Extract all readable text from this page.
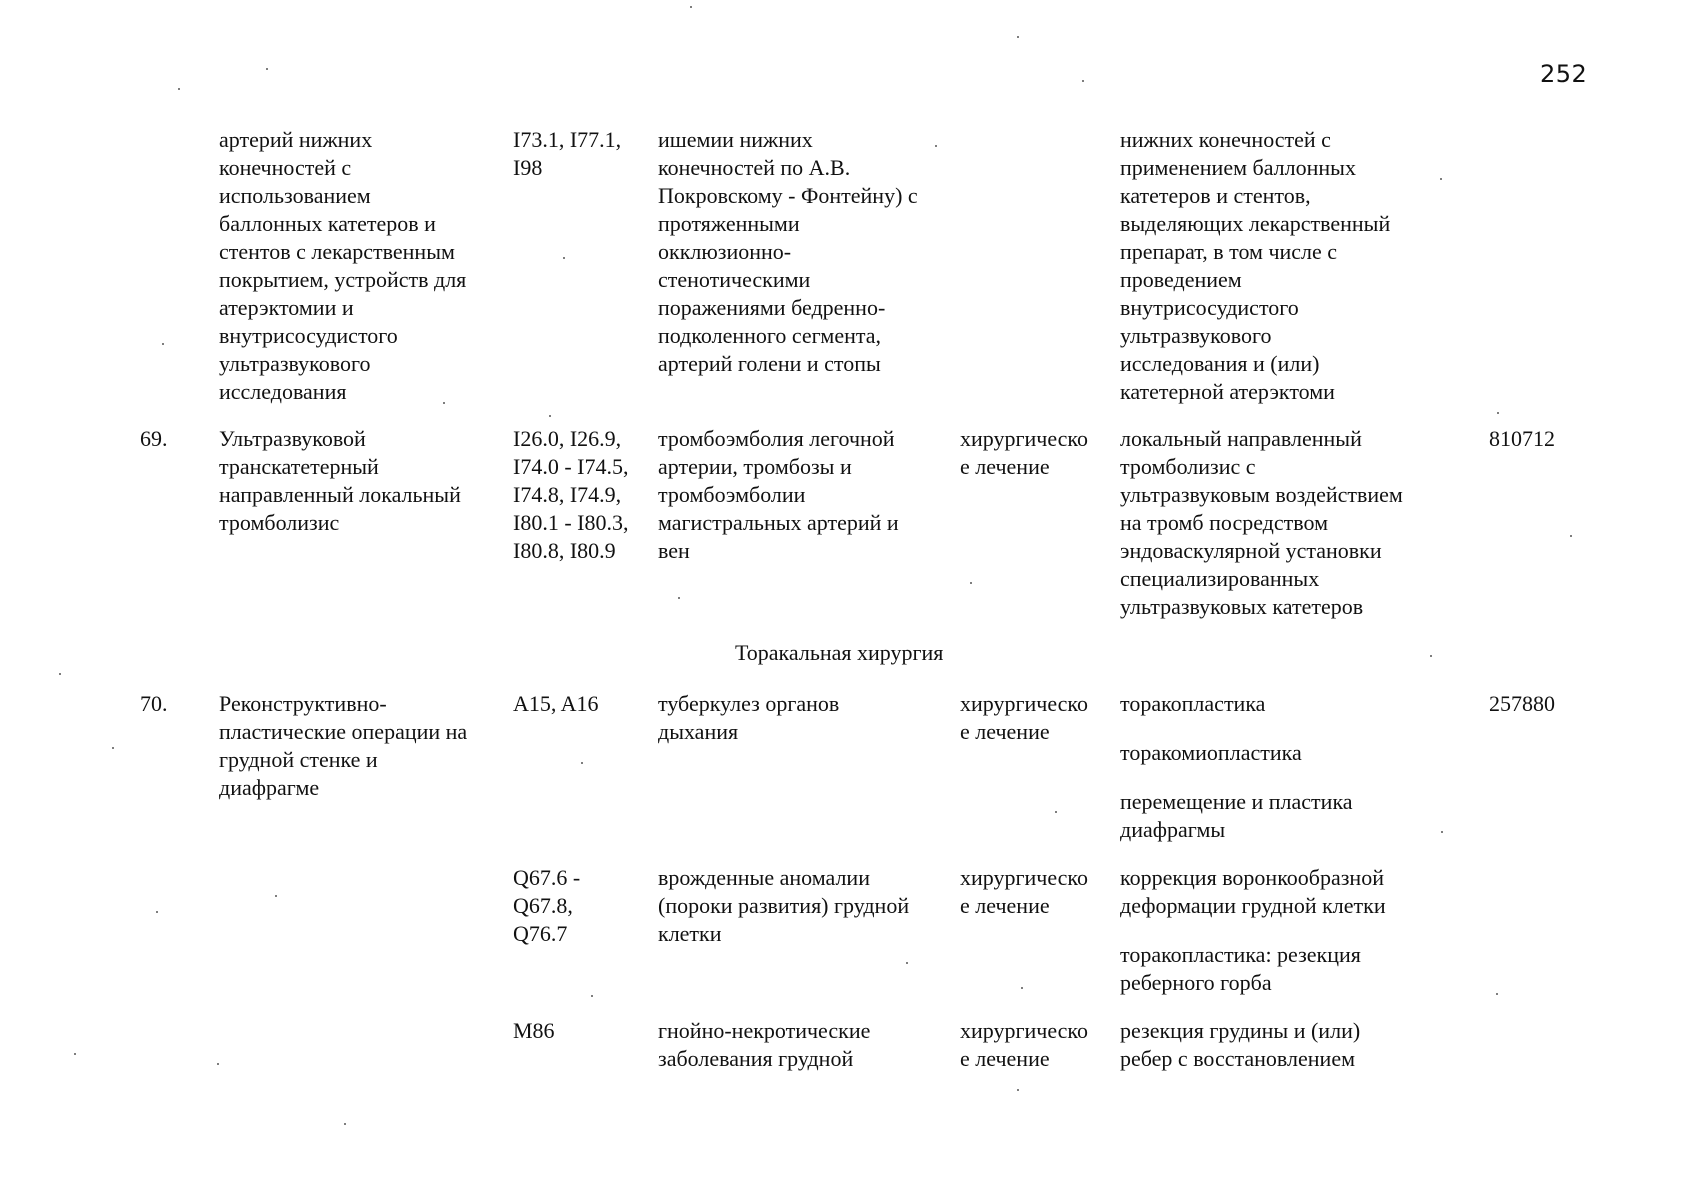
252
артерий нижних
конечностей с
использованием
баллонных катетеров и
стентов с лекарственным
покрытием, устройств для
атерэктомии и
внутрисосудистого
ультразвукового
исследования
I73.1, I77.1,
I98
ишемии нижних
конечностей по А.В.
Покровскому - Фонтейну) с
протяженными
окклюзионно-
стенотическими
поражениями бедренно-
подколенного сегмента,
артерий голени и стопы
нижних конечностей с
применением баллонных
катетеров и стентов,
выделяющих лекарственный
препарат, в том числе с
проведением
внутрисосудистого
ультразвукового
исследования и (или)
катетерной атерэктоми
69. Ультразвуковой
транскатетерный
направленный локальный
тромболизис
I26.0, I26.9,
I74.0 - I74.5,
I74.8, I74.9,
I80.1 - I80.3,
I80.8, I80.9
тромбоэмболия легочной
артерии, тромбозы и
тромбоэмболии
магистральных артерий и
вен
хирургическо
е лечение
локальный направленный
тромболизис с
ультразвуковым воздействием
на тромб посредством
эндоваскулярной установки
специализированных
ультразвуковых катетеров
810712
Торакальная хирургия
70. Реконструктивно-
пластические операции на
грудной стенке и
диафрагме
257880
A15, A16	туберкулез органов
дыхания
хирургическо
е лечение
торакопластика
торакомиопластика
перемещение и пластика
диафрагмы
Q67.6 -
Q67.8,
Q76.7
врожденные аномалии
(пороки развития) грудной
клетки
хирургическо
е лечение
коррекция воронкообразной
деформации грудной клетки
торакопластика: резекция
реберного горба
M86	гнойно-некротические
заболевания грудной
хирургическо
е лечение
резекция грудины и (или)
ребер с восстановлением
